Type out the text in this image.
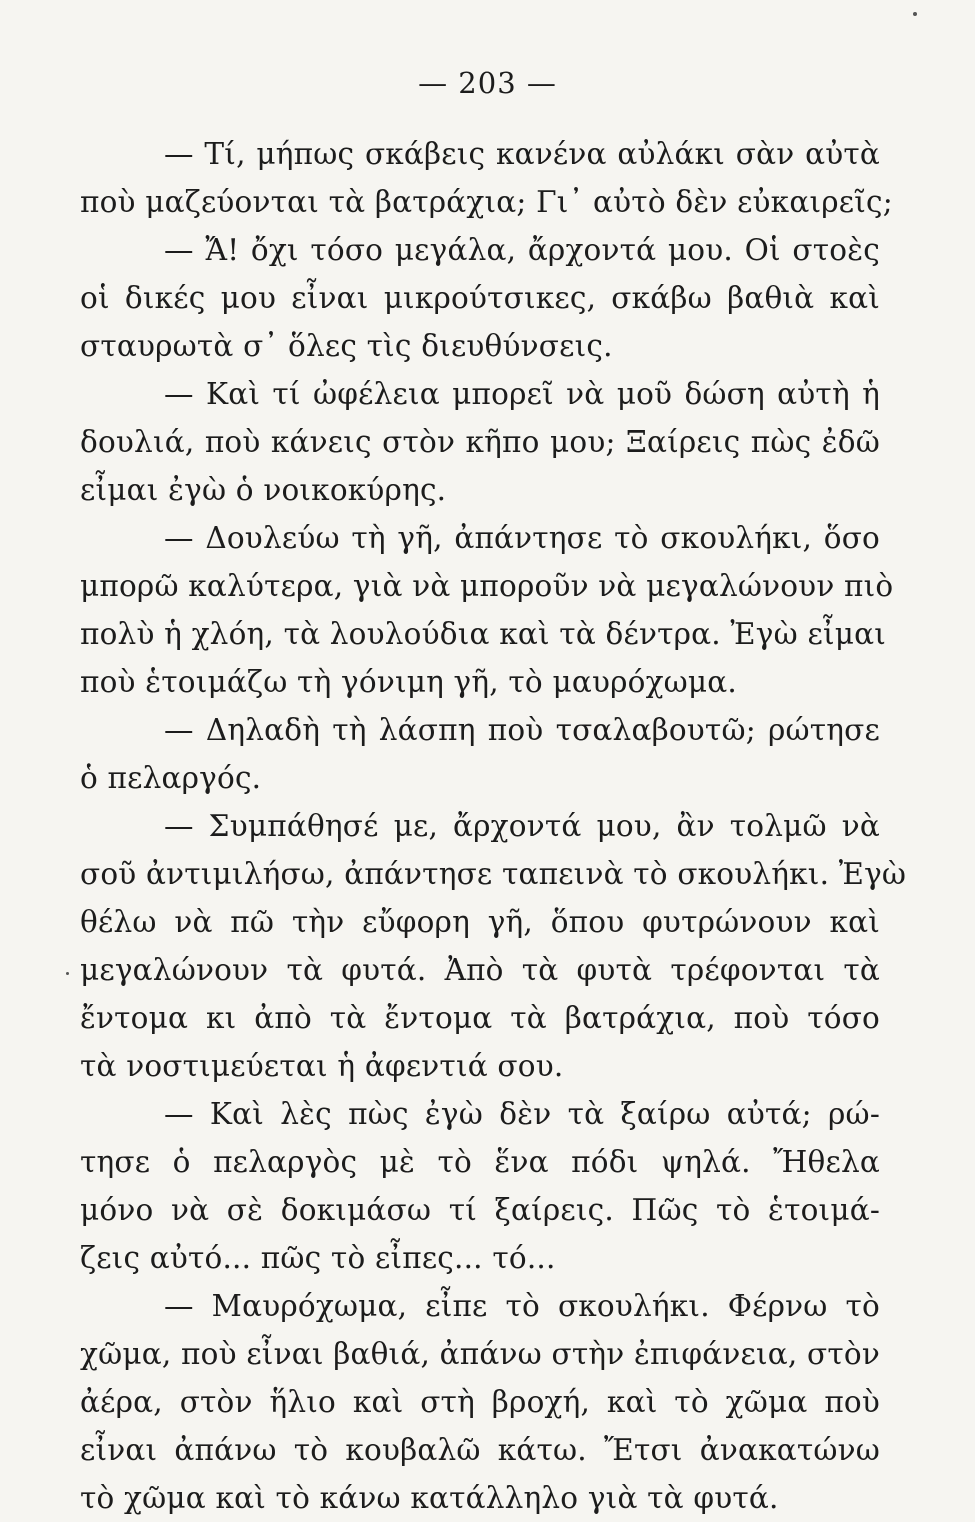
— 203 —
— Τί, μήπως σκάβεις κανένα αὐλάκι σὰν αὐτὰ
ποὺ μαζεύονται τὰ βατράχια; Γι᾽ αὐτὸ δὲν εὐκαιρεῖς;
— Ἄ! ὄχι τόσο μεγάλα, ἄρχοντά μου. Οἱ στοὲς
οἱ δικές μου εἶναι μικρούτσικες, σκάβω βαθιὰ καὶ
σταυρωτὰ σ᾽ ὅλες τὶς διευθύνσεις.
— Καὶ τί ὠφέλεια μπορεῖ νὰ μοῦ δώση αὐτὴ ἡ
δουλιά, ποὺ κάνεις στὸν κῆπο μου; Ξαίρεις πὼς ἐδῶ
εἶμαι ἐγὼ ὁ νοικοκύρης.
— Δουλεύω τὴ γῆ, ἀπάντησε τὸ σκουλήκι, ὅσο
μπορῶ καλύτερα, γιὰ νὰ μποροῦν νὰ μεγαλώνουν πιὸ
πολὺ ἡ χλόη, τὰ λουλούδια καὶ τὰ δέντρα. Ἐγὼ εἶμαι
ποὺ ἑτοιμάζω τὴ γόνιμη γῆ, τὸ μαυρόχωμα.
— Δηλαδὴ τὴ λάσπη ποὺ τσαλαβουτῶ; ρώτησε
ὁ πελαργός.
— Συμπάθησέ με, ἄρχοντά μου, ἂν τολμῶ νὰ
σοῦ ἀντιμιλήσω, ἀπάντησε ταπεινὰ τὸ σκουλήκι. Ἐγὼ
θέλω νὰ πῶ τὴν εὔφορη γῆ, ὅπου φυτρώνουν καὶ
μεγαλώνουν τὰ φυτά. Ἀπὸ τὰ φυτὰ τρέφονται τὰ
ἔντομα κι ἀπὸ τὰ ἔντομα τὰ βατράχια, ποὺ τόσο
τὰ νοστιμεύεται ἡ ἀφεντιά σου.
— Καὶ λὲς πὼς ἐγὼ δὲν τὰ ξαίρω αὐτά; ρώ-
τησε ὁ πελαργὸς μὲ τὸ ἕνα πόδι ψηλά. Ἤθελα
μόνο νὰ σὲ δοκιμάσω τί ξαίρεις. Πῶς τὸ ἑτοιμά-
ζεις αὐτό... πῶς τὸ εἶπες... τό...
— Μαυρόχωμα, εἶπε τὸ σκουλήκι. Φέρνω τὸ
χῶμα, ποὺ εἶναι βαθιά, ἀπάνω στὴν ἐπιφάνεια, στὸν
ἀέρα, στὸν ἥλιο καὶ στὴ βροχή, καὶ τὸ χῶμα ποὺ
εἶναι ἀπάνω τὸ κουβαλῶ κάτω. Ἔτσι ἀνακατώνω
τὸ χῶμα καὶ τὸ κάνω κατάλληλο γιὰ τὰ φυτά.
